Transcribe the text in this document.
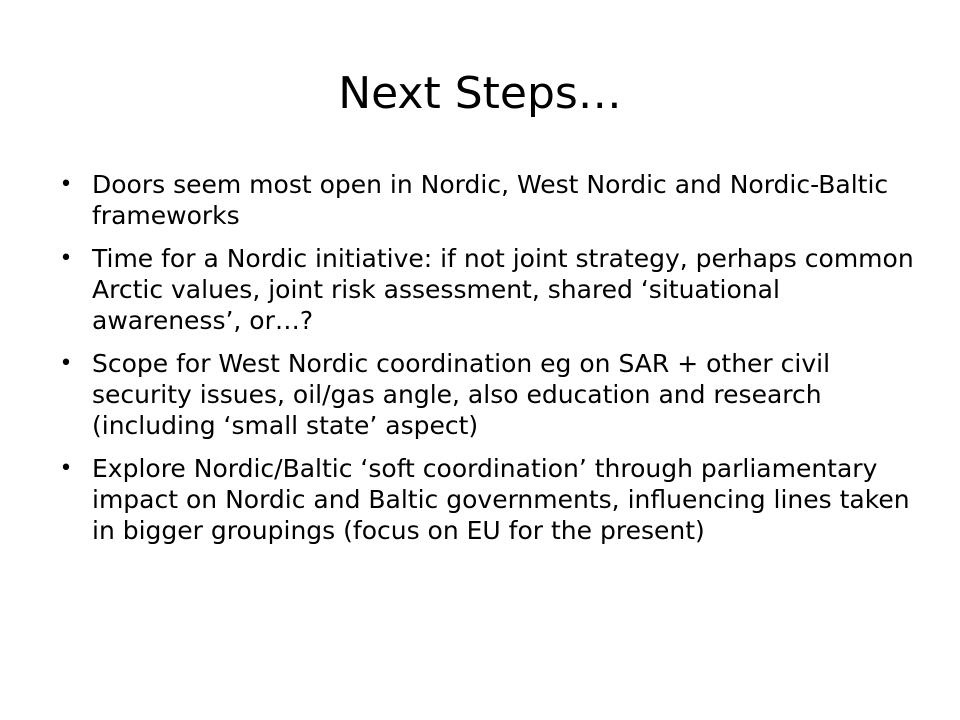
Next Steps…
• Doors seem most open in Nordic, West Nordic and Nordic-Baltic frameworks
• Time for a Nordic initiative: if not joint strategy, perhaps common Arctic values, joint risk assessment, shared ‘situational awareness’, or…?
• Scope for West Nordic coordination eg on SAR + other civil security issues, oil/gas angle, also education and research (including ‘small state’ aspect)
• Explore Nordic/Baltic ‘soft coordination’ through parliamentary impact on Nordic and Baltic governments, influencing lines taken in bigger groupings (focus on EU for the present)
